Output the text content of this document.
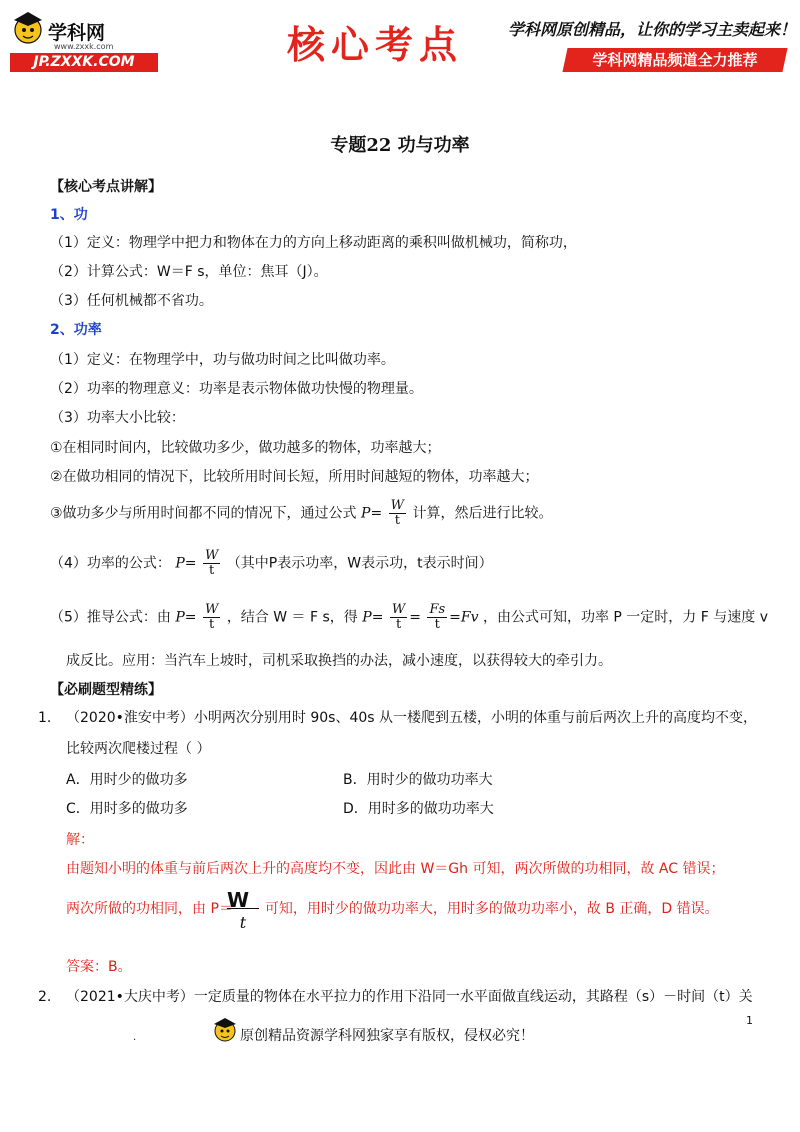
学科网
www.zxxk.com
JP.ZXXK.COM	核心考点	学科网原创精品，让你的学习主卖起来！
学科网精品频道全力推荐
专题22 功与功率
【核心考点讲解】
1、功
（1）定义：物理学中把力和物体在力的方向上移动距离的乘积叫做机械功，简称功，
（2）计算公式：W＝F s，单位：焦耳（J）。
（3）任何机械都不省功。
2、功率
（1）定义：在物理学中，功与做功时间之比叫做功率。
（2）功率的物理意义：功率是表示物体做功快慢的物理量。
（3）功率大小比较：
①在相同时间内，比较做功多少，做功越多的物体，功率越大；
②在做功相同的情况下，比较所用时间长短，所用时间越短的物体，功率越大；
③做功多少与所用时间都不同的情况下，通过公式 $P= \frac{W}{t}$ 计算，然后进行比较。
（4）功率的公式： $P= \frac{W}{t}$ （其中P表示功率，W表示功，t表示时间）
（5）推导公式：由 $P= \frac{W}{t}$ ，结合 W ＝ F s，得 $P= \frac{W}{t} = \frac{Fs}{t} =Fv$ ，由公式可知，功率 P 一定时，力 F 与速度 v
成反比。应用：当汽车上坡时，司机采取换挡的办法，减小速度，以获得较大的牵引力。
【必刷题型精练】
1. （2020•淮安中考）小明两次分别用时 90s、40s 从一楼爬到五楼，小明的体重与前后两次上升的高度均不变，
比较两次爬楼过程（ ）
A．用时少的做功多	B．用时少的做功功率大
C．用时多的做功多	D．用时多的做功功率大
解：
由题知小明的体重与前后两次上升的高度均不变，因此由 W＝Gh 可知，两次所做的功相同，故 AC 错误；
两次所做的功相同，由 P＝ 可知，用时少的做功功率大，用时多的做功功率小，故 B 正确，D 错误。
W
t
答案：B。
2. （2021•大庆中考）一定质量的物体在水平拉力的作用下沿同一水平面做直线运动，其路程（s）－时间（t）关
.	原创精品资源学科网独家享有版权，侵权必究！
1
